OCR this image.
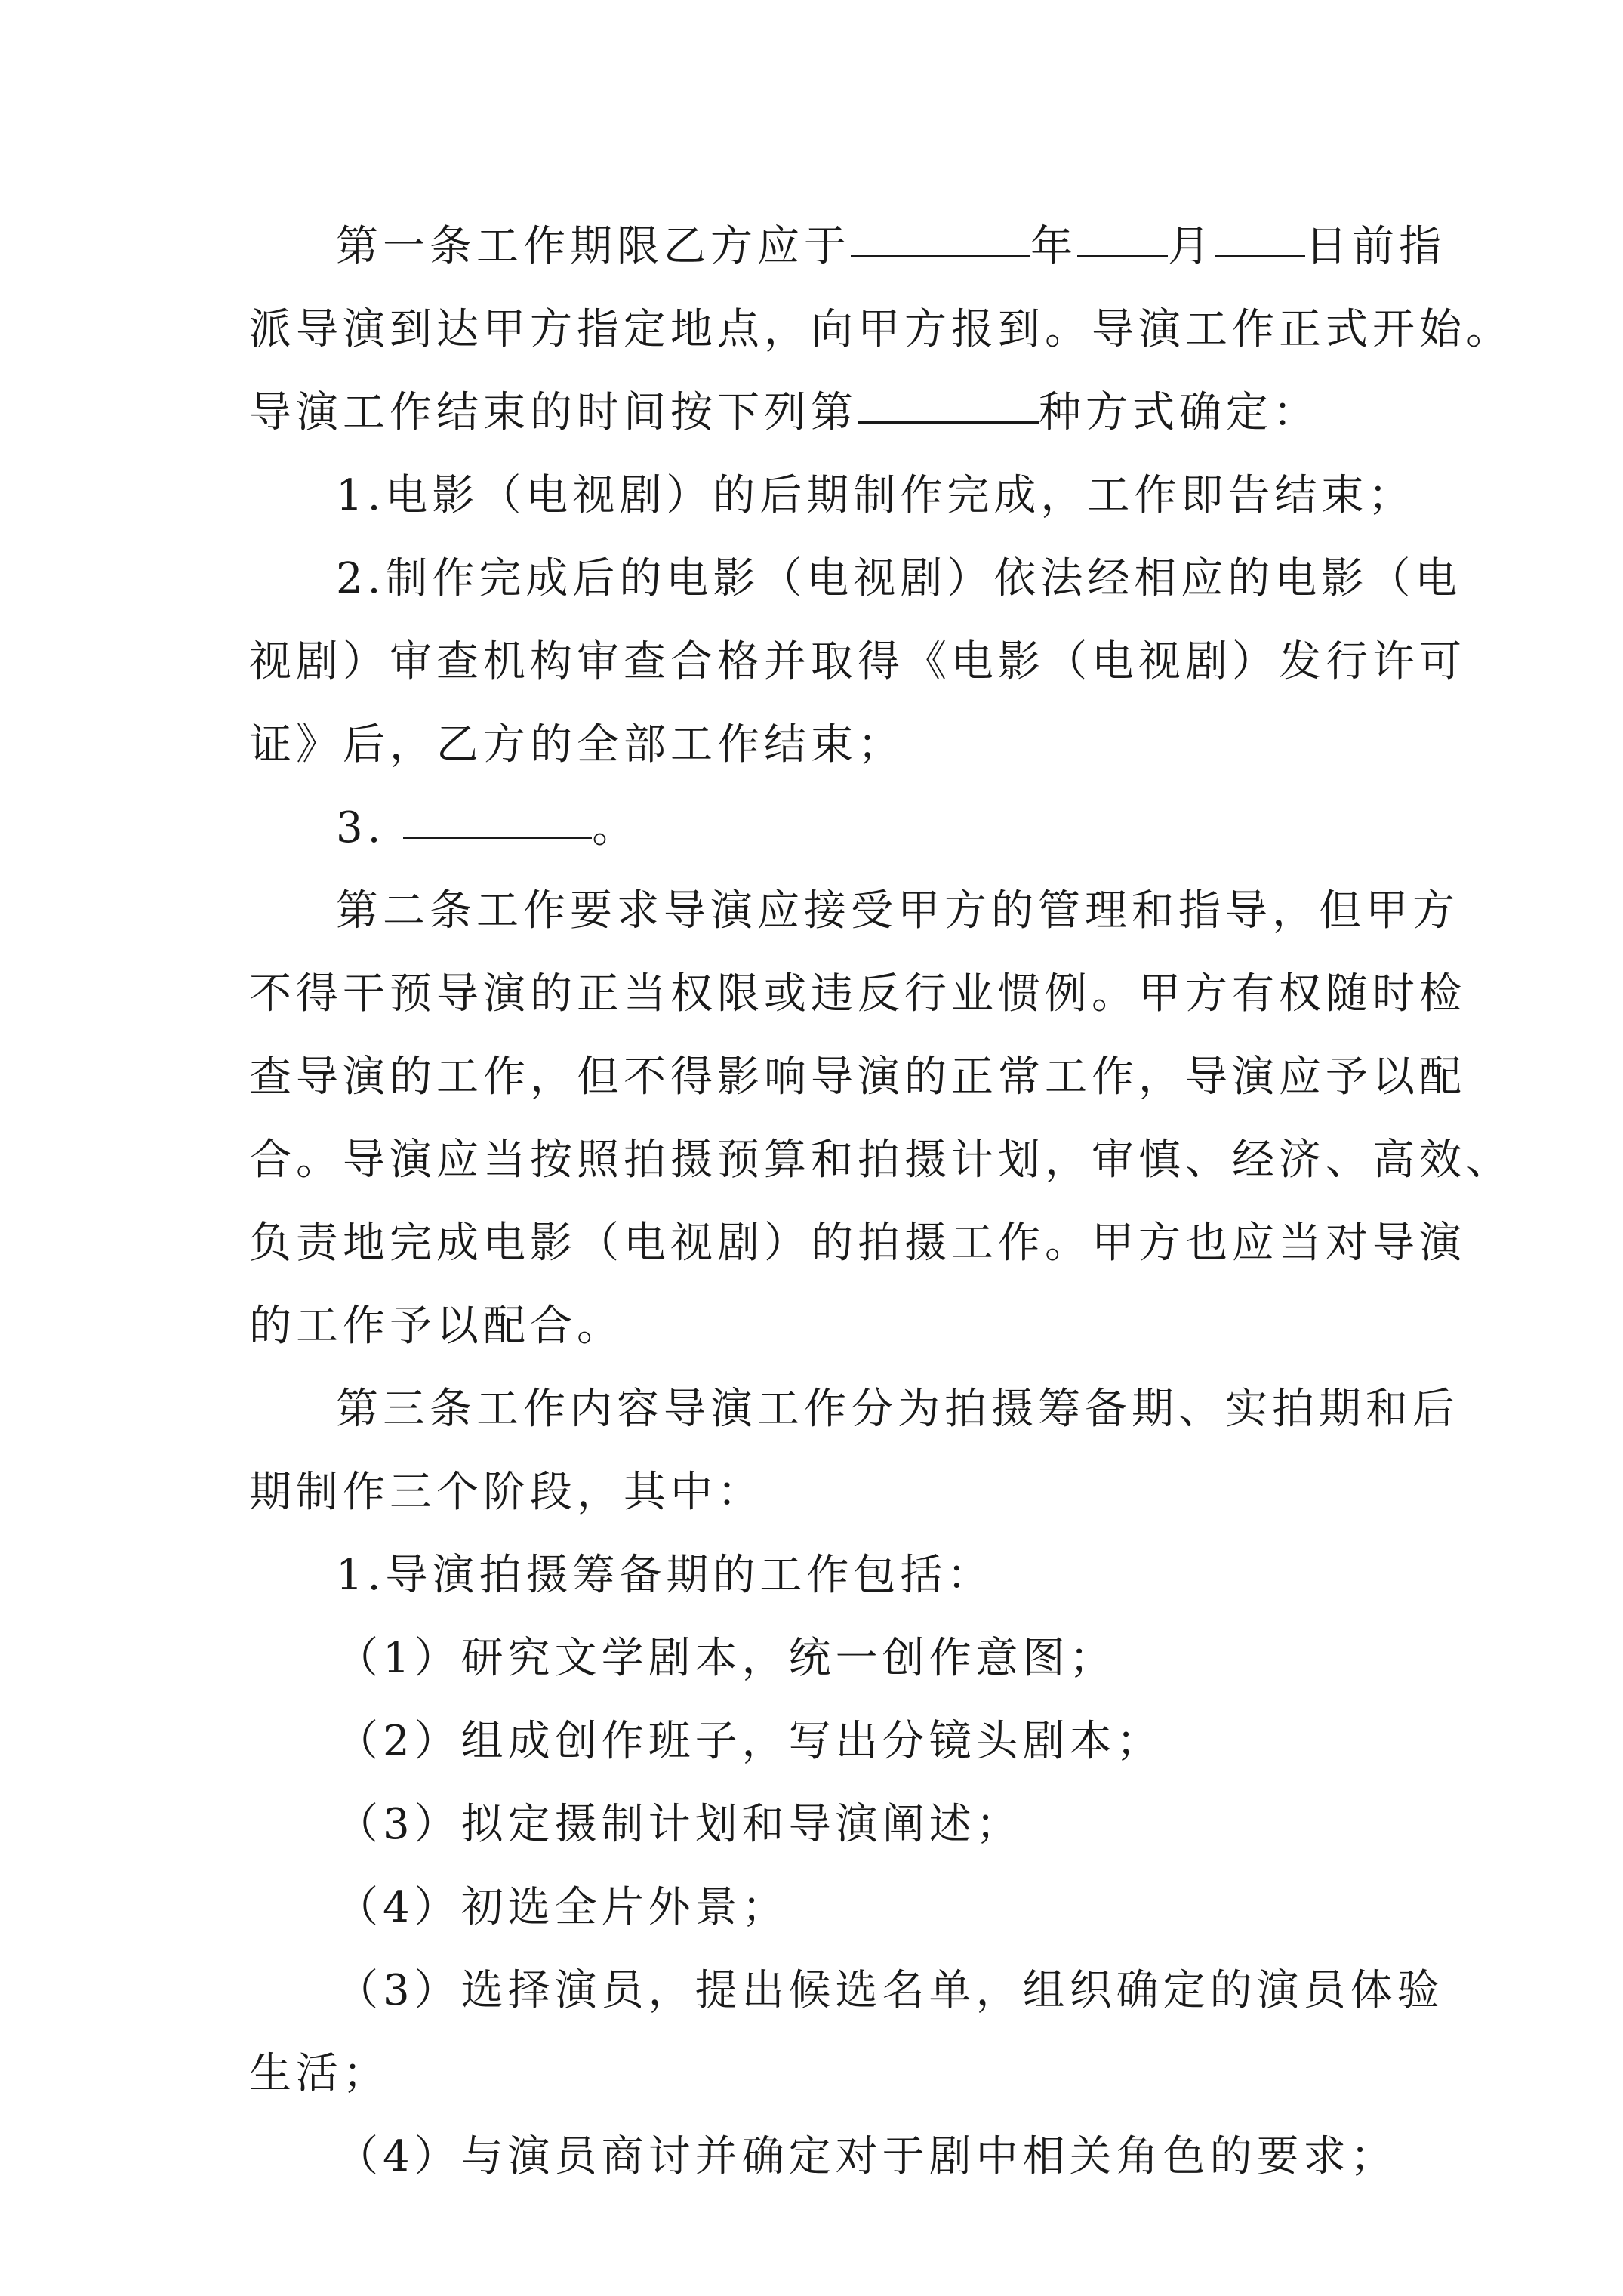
第一条工作期限乙方应于	年 月 日前指
派导演到达甲方指定地点，向甲方报到。导演工作正式开始。
导演工作结束的时间按下列第	种方式确定：
1.电影（电视剧）的后期制作完成，工作即告结束；
2.制作完成后的电影（电视剧）依法经相应的电影（电
视剧）审查机构审查合格并取得《电影（电视剧）发行许可
证》后，乙方的全部工作结束；
3.	。
第二条工作要求导演应接受甲方的管理和指导，但甲方
不得干预导演的正当权限或违反行业惯例。甲方有权随时检
查导演的工作，但不得影响导演的正常工作，导演应予以配
合。导演应当按照拍摄预算和拍摄计划，审慎、经济、高效、
负责地完成电影（电视剧）的拍摄工作。甲方也应当对导演
的工作予以配合。
第三条工作内容导演工作分为拍摄筹备期、实拍期和后
期制作三个阶段，其中：
1.导演拍摄筹备期的工作包括：
（1）研究文学剧本，统一创作意图；
（2）组成创作班子，写出分镜头剧本；
（3）拟定摄制计划和导演阐述；
（4）初选全片外景；
（3）选择演员，提出候选名单，组织确定的演员体验
生活；
（4）与演员商讨并确定对于剧中相关角色的要求；
